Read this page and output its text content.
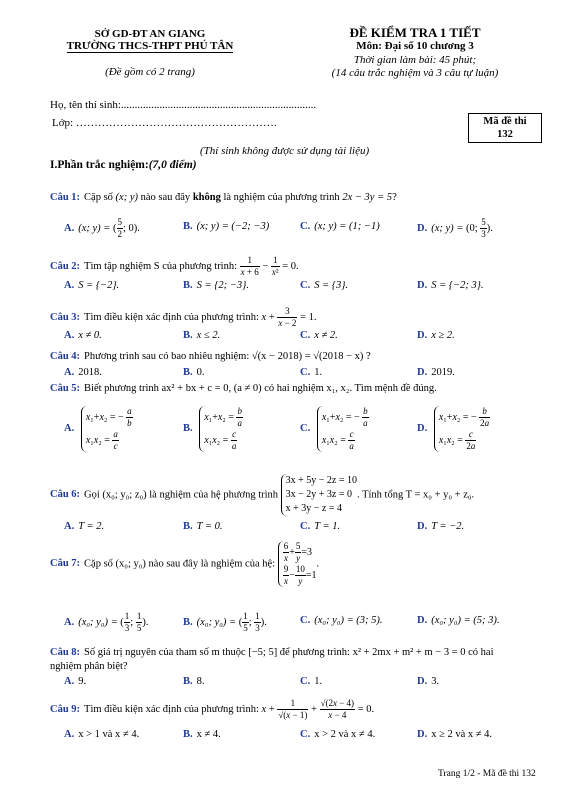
SỞ GD-ĐT AN GIANG
TRƯỜNG THCS-THPT PHÚ TÂN
(Đề gồm có 2 trang)
ĐỀ KIỂM TRA 1 TIẾT
Môn: Đại số 10 chương 3
Thời gian làm bài: 45 phút;
(14 câu trắc nghiệm và 3 câu tự luận)
Họ, tên thí sinh:.......................................................................
Lớp: ……………………………………………….	Mã đề thi
132
(Thí sinh không được sử dụng tài liệu)
I.Phần trắc nghiệm:(7,0 điểm)
Câu 1: Cặp số (x; y) nào sau đây không là nghiệm của phương trình 2x − 3y = 5?
A. (x; y) = ( $\frac{5}{2}$ ; 0).	B. (x; y) = (−2; −3)	C. (x; y) = (1; −1)	D. (x; y) = (0; $\frac{5}{3}$ ).
Câu 2: Tìm tập nghiệm S của phương trình: $\frac{1}{x + 6} - \frac{1}{\text{x²}} = 0$.
A. S = {−2}.	B. S = {2; −3}.	C. S = {3}.	D. S = {−2; 3}.
Câu 3: Tìm điều kiện xác định của phương trình: $x + \frac{3}{x - 2} = 1$.
A. x ≠ 0.	B. x ≤ 2.	C. x ≠ 2.	D. x ≥ 2.
Câu 4: Phương trình sau có bao nhiêu nghiệm: √(x − 2018) = √(2018 − x) ?
A. 2018.	B. 0.	C. 1.	D. 2019.
Câu 5: Biết phương trình ax² + bx + c = 0, (a ≠ 0) có hai nghiệm x₁, x₂. Tìm mệnh đề đúng.
A. x₁+x₂ = − $\frac{a}{b}$

$x_1x_2 = \frac{a}{c}$
B. $x_1+x_2 = \frac{b}{a}$

$x_1x_2 = \frac{c}{a}$
C. x₁+x₂ = − $\frac{b}{a}$

$x_1x_2 = \frac{c}{a}$
D. x₁+x₂ = − $\frac{b}{2a}$

$x_1x_2 = \frac{c}{2a}$
Câu 6: Gọi (x₀; y₀; z₀) là nghiệm của hệ phương trình 3x + 5y − 2z = 10
3x − 2y + 3z = 0
x + 3y − z = 4. Tính tổng T = x₀ + y₀ + z₀.
A. T = 2.	B. T = 0.	C. T = 1.	D. T = −2.
Câu 7: Cặp số (x₀; y₀) nào sau đây là nghiệm của hệ: $\frac{6}{x} + \frac{5}{y} =3$

$\frac{9}{x} - \frac{10}{y} =1$.
A. (x₀; y₀) = ( $\frac{1}{3}$ ; $\frac{1}{5}$ ).	B. (x₀; y₀) = ( $\frac{1}{5}$ ; $\frac{1}{3}$ ).	C. (x₀; y₀) = (3; 5).	D. (x₀; y₀) = (5; 3).
Câu 8: Số giá trị nguyên của tham số m thuộc [−5; 5] để phương trình: x² + 2mx + m² + m − 3 = 0 có hai
nghiệm phân biệt?
A. 9.	B. 8.	C. 1.	D. 3.
Câu 9: Tìm điều kiện xác định của phương trình: $x + \frac{1}{√(x - 1)} + \frac{√(2x - 4)}{x - 4} = 0$.
A. x > 1 và x ≠ 4.	B. x ≠ 4.	C. x > 2 và x ≠ 4.	D. x ≥ 2 và x ≠ 4.
Trang 1/2 - Mã đề thi 132
